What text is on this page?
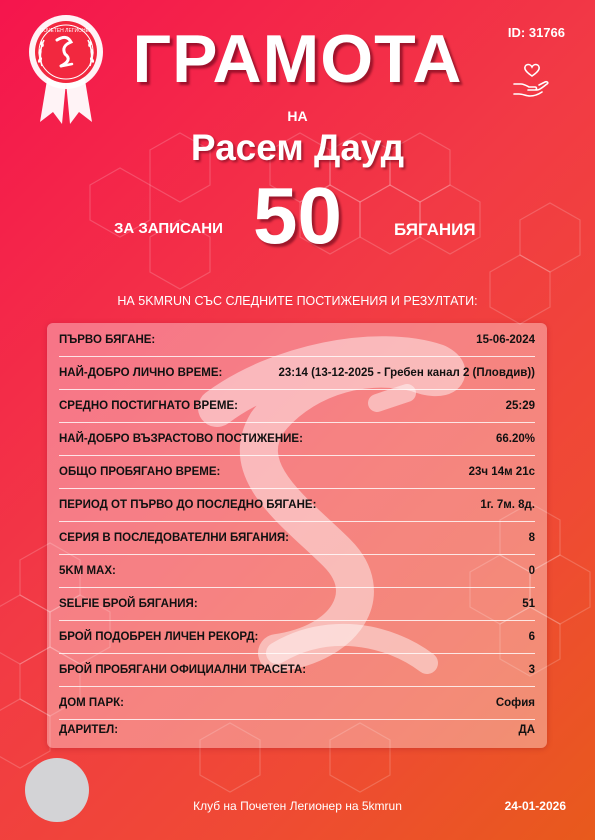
ПОЧЕТЕН ЛЕГИОНЕР	ID: 31766
ГРАМОТА
НА
Расем Дауд
ЗА ЗАПИСАНИ 50	БЯГАНИЯ
НА 5KMRUN СЪС СЛЕДНИТЕ ПОСТИЖЕНИЯ И РЕЗУЛТАТИ:
ПЪРВО БЯГАНЕ:	15-06-2024
НАЙ-ДОБРО ЛИЧНО ВРЕМЕ:	23:14 (13-12-2025 - Гребен канал 2 (Пловдив))
СРЕДНО ПОСТИГНАТО ВРЕМЕ:	25:29
НАЙ-ДОБРО ВЪЗРАСТОВО ПОСТИЖЕНИЕ:	66.20%
ОБЩО ПРОБЯГАНО ВРЕМЕ:	23ч 14м 21с
ПЕРИОД ОТ ПЪРВО ДО ПОСЛЕДНО БЯГАНЕ:	1г. 7м. 8д.
СЕРИЯ В ПОСЛЕДОВАТЕЛНИ БЯГАНИЯ:	8
5KM MAX:	0
SELFIE БРОЙ БЯГАНИЯ:	51
БРОЙ ПОДОБРЕН ЛИЧЕН РЕКОРД:	6
БРОЙ ПРОБЯГАНИ ОФИЦИАЛНИ ТРАСЕТА:	3
ДОМ ПАРК:	София
ДАРИТЕЛ:	ДА
Клуб на Почетен Легионер на 5kmrun	24-01-2026
